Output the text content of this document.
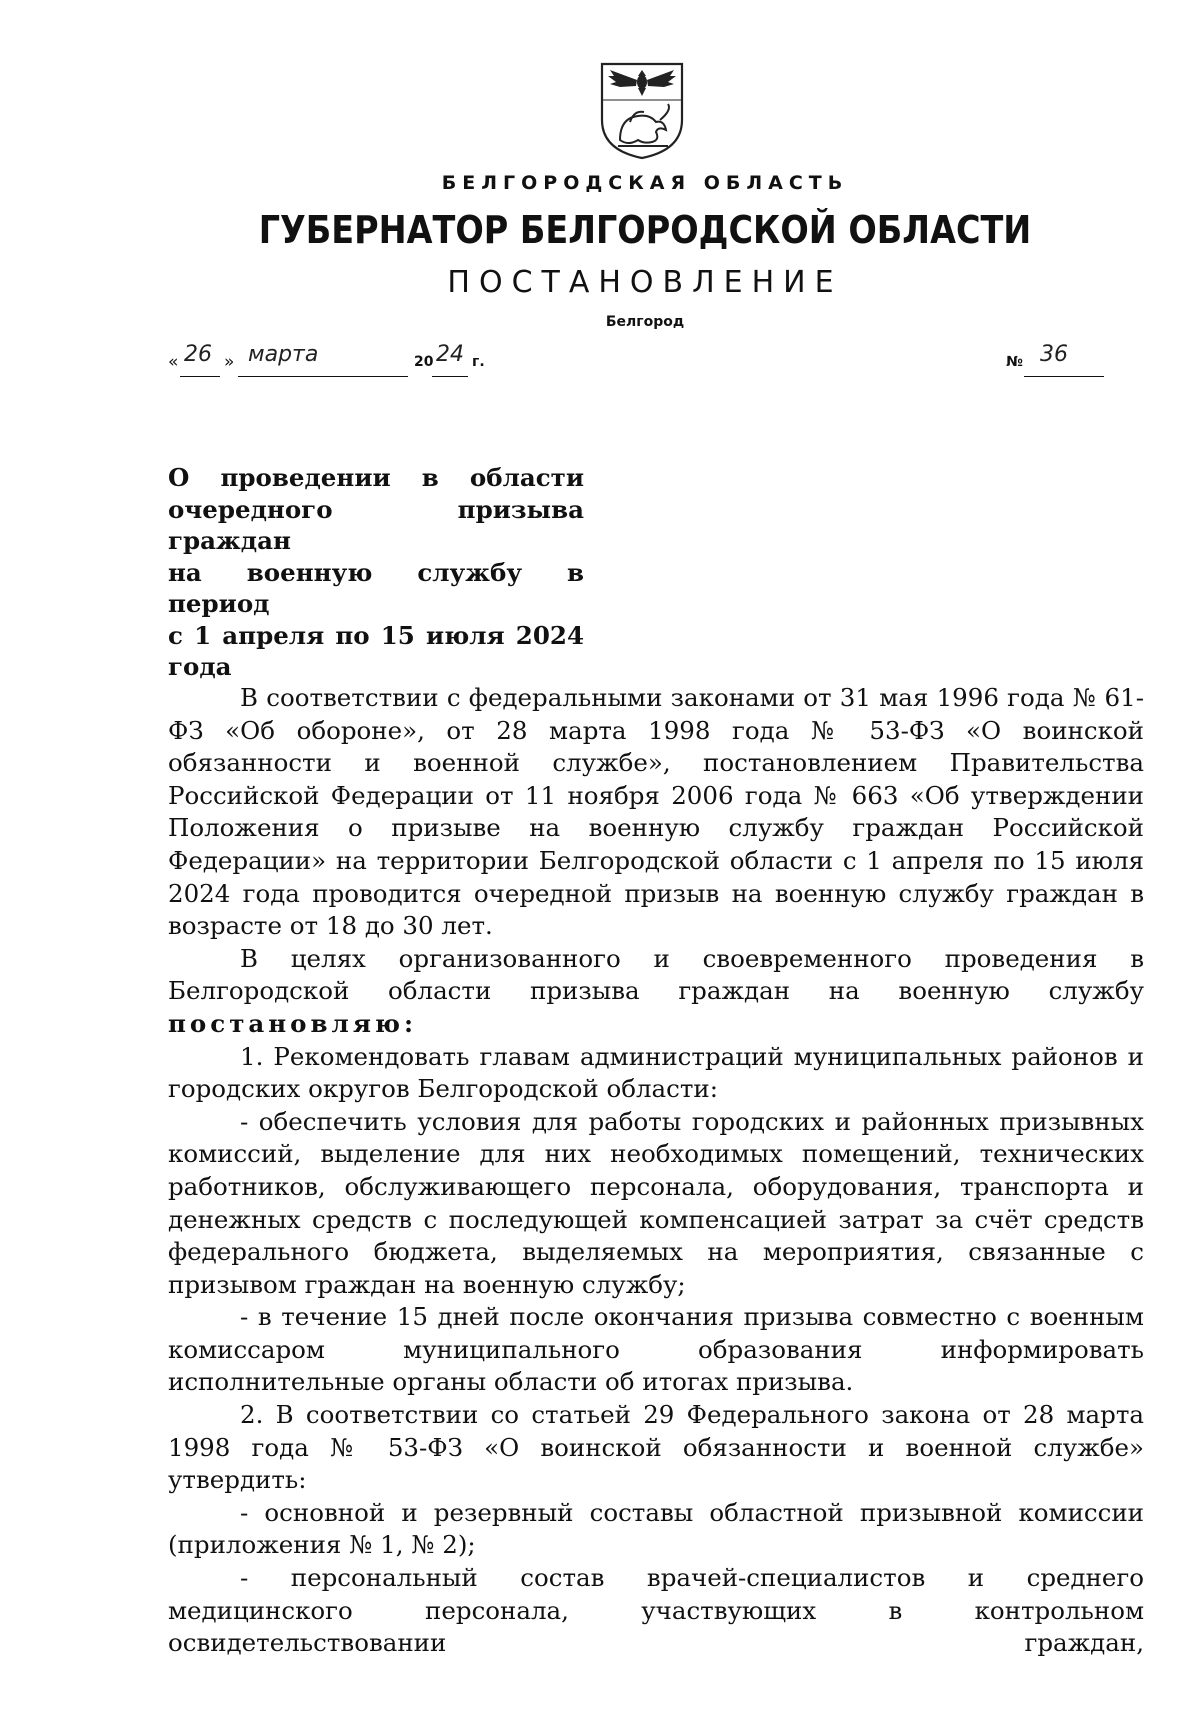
БЕЛГОРОДСКАЯ ОБЛАСТЬ
ГУБЕРНАТОР БЕЛГОРОДСКОЙ ОБЛАСТИ
ПОСТАНОВЛЕНИЕ
Белгород
« 26 » марта	20 24 г.	№ 36
О проведении в области
очередного призыва граждан
на военную службу в период
с 1 апреля по 15 июля 2024 года

В соответствии с федеральными законами от 31 мая 1996 года № 61-ФЗ «Об обороне», от 28 марта 1998 года № 53-ФЗ «О воинской обязанности и военной службе», постановлением Правительства Российской Федерации от 11 ноября 2006 года № 663 «Об утверждении Положения о призыве на военную службу граждан Российской Федерации» на территории Белгородской области с 1 апреля по 15 июля 2024 года проводится очередной призыв на военную службу граждан в возрасте от 18 до 30 лет.

В целях организованного и своевременного проведения в Белгородской области призыва граждан на военную службу постановляю:

1. Рекомендовать главам администраций муниципальных районов и городских округов Белгородской области:

- обеспечить условия для работы городских и районных призывных комиссий, выделение для них необходимых помещений, технических работников, обслуживающего персонала, оборудования, транспорта и денежных средств с последующей компенсацией затрат за счёт средств федерального бюджета, выделяемых на мероприятия, связанные с призывом граждан на военную службу;

- в течение 15 дней после окончания призыва совместно с военным комиссаром муниципального образования информировать исполнительные органы области об итогах призыва.

2. В соответствии со статьей 29 Федерального закона от 28 марта 1998 года № 53-ФЗ «О воинской обязанности и военной службе» утвердить:

- основной и резервный составы областной призывной комиссии (приложения № 1, № 2);

- персональный состав врачей-специалистов и среднего медицинского персонала, участвующих в контрольном освидетельствовании граждан,
